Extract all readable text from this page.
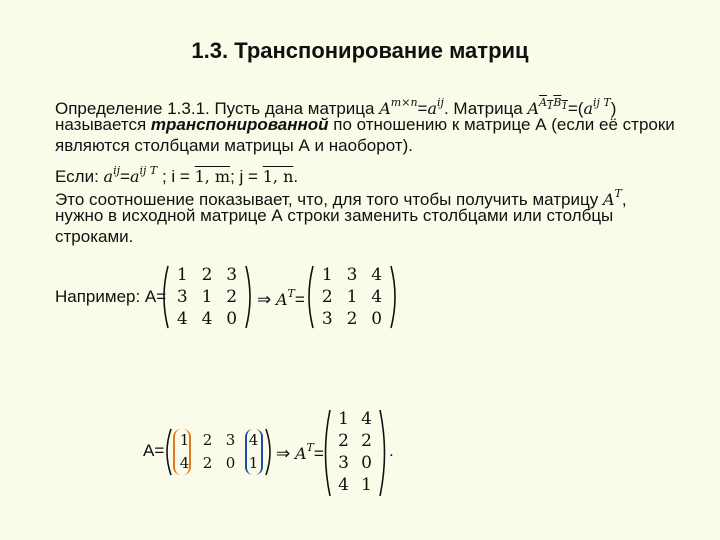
1.3. Транспонирование матриц
Определение 1.3.1. Пусть дана матрица $A^{m\times n}=a^{ij}$. Матрица $A^{A1B1}=(a^{ij T})$
называется транспонированной по отношению к матрице А (если её строки
являются столбцами матрицы А и наоборот).
Если: $a^{ij}=a^{ij T}$ ; i = 1, m; j = 1, n.
Это соотношение показывает, что, для того чтобы получить матрицу $A^T$,
нужно в исходной матрице А строки заменить столбцами или столбцы
строками.
Например: А=
1 2 3
3 1 2
4 4 0
⇒ $A^T=$
1 3 4
2 1 4
3 2 0
А=
1 2 3 4
4 2 0 1	⇒ $A^T=$
1 4
2 2
3 0
4 1
.
